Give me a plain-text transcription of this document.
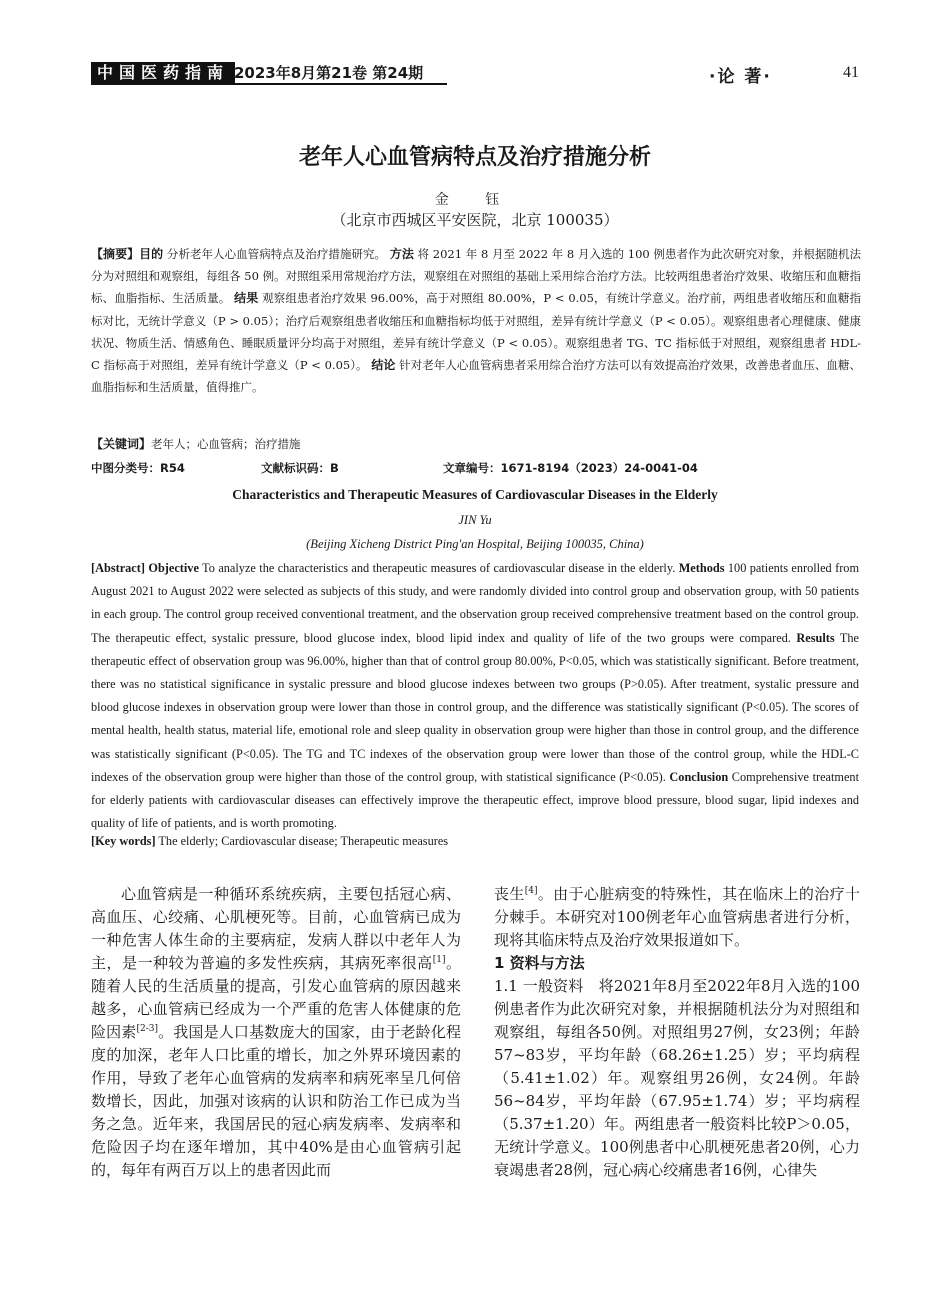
中国医药指南 2023年8月第21卷 第24期	·论 著·	41
老年人心血管病特点及治疗措施分析
金 钰
（北京市西城区平安医院，北京 100035）
【摘要】目的 分析老年人心血管病特点及治疗措施研究。 方法 将 2021 年 8 月至 2022 年 8 月入选的 100 例患者作为此次研究对象，并根据随机法分为对照组和观察组，每组各 50 例。对照组采用常规治疗方法，观察组在对照组的基础上采用综合治疗方法。比较两组患者治疗效果、收缩压和血糖指标、血脂指标、生活质量。 结果 观察组患者治疗效果 96.00%，高于对照组 80.00%，P < 0.05，有统计学意义。治疗前，两组患者收缩压和血糖指标对比，无统计学意义（P > 0.05）；治疗后观察组患者收缩压和血糖指标均低于对照组，差异有统计学意义（P < 0.05）。观察组患者心理健康、健康状况、物质生活、情感角色、睡眠质量评分均高于对照组，差异有统计学意义（P < 0.05）。观察组患者 TG、TC 指标低于对照组，观察组患者 HDL-C 指标高于对照组，差异有统计学意义（P < 0.05）。 结论 针对老年人心血管病患者采用综合治疗方法可以有效提高治疗效果，改善患者血压、血糖、血脂指标和生活质量，值得推广。
【关键词】老年人；心血管病；治疗措施
中图分类号：R54	文献标识码：B	文章编号：1671-8194（2023）24-0041-04
Characteristics and Therapeutic Measures of Cardiovascular Diseases in the Elderly
JIN Yu
(Beijing Xicheng District Ping'an Hospital, Beijing 100035, China)
[Abstract] Objective To analyze the characteristics and therapeutic measures of cardiovascular disease in the elderly. Methods 100 patients enrolled from August 2021 to August 2022 were selected as subjects of this study, and were randomly divided into control group and observation group, with 50 patients in each group. The control group received conventional treatment, and the observation group received comprehensive treatment based on the control group. The therapeutic effect, systalic pressure, blood glucose index, blood lipid index and quality of life of the two groups were compared. Results The therapeutic effect of observation group was 96.00%, higher than that of control group 80.00%, P<0.05, which was statistically significant. Before treatment, there was no statistical significance in systalic pressure and blood glucose indexes between two groups (P>0.05). After treatment, systalic pressure and blood glucose indexes in observation group were lower than those in control group, and the difference was statistically significant (P<0.05). The scores of mental health, health status, material life, emotional role and sleep quality in observation group were higher than those in control group, and the difference was statistically significant (P<0.05). The TG and TC indexes of the observation group were lower than those of the control group, while the HDL-C indexes of the observation group were higher than those of the control group, with statistical significance (P<0.05). Conclusion Comprehensive treatment for elderly patients with cardiovascular diseases can effectively improve the therapeutic effect, improve blood pressure, blood sugar, lipid indexes and quality of life of patients, and is worth promoting.
[Key words] The elderly; Cardiovascular disease; Therapeutic measures

心血管病是一种循环系统疾病，主要包括冠心病、高血压、心绞痛、心肌梗死等。目前，心血管病已成为一种危害人体生命的主要病症，发病人群以中老年人为主，是一种较为普遍的多发性疾病，其病死率很高[1]。随着人民的生活质量的提高，引发心血管病的原因越来越多，心血管病已经成为一个严重的危害人体健康的危险因素[2-3]。我国是人口基数庞大的国家，由于老龄化程度的加深，老年人口比重的增长，加之外界环境因素的作用，导致了老年心血管病的发病率和病死率呈几何倍数增长，因此，加强对该病的认识和防治工作已成为当务之急。近年来，我国居民的冠心病发病率、发病率和危险因子均在逐年增加，其中40%是由心血管病引起的，每年有两百万以上的患者因此而

丧生[4]。由于心脏病变的特殊性，其在临床上的治疗十分棘手。本研究对100例老年心血管病患者进行分析，现将其临床特点及治疗效果报道如下。

1 资料与方法

1.1 一般资料　将2021年8月至2022年8月入选的100例患者作为此次研究对象，并根据随机法分为对照组和观察组，每组各50例。对照组男27例，女23例；年龄57~83岁，平均年龄（68.26±1.25）岁；平均病程（5.41±1.02）年。观察组男26例，女24例。年龄56~84岁，平均年龄（67.95±1.74）岁；平均病程（5.37±1.20）年。两组患者一般资料比较P＞0.05，无统计学意义。100例患者中心肌梗死患者20例，心力衰竭患者28例，冠心病心绞痛患者16例，心律失
